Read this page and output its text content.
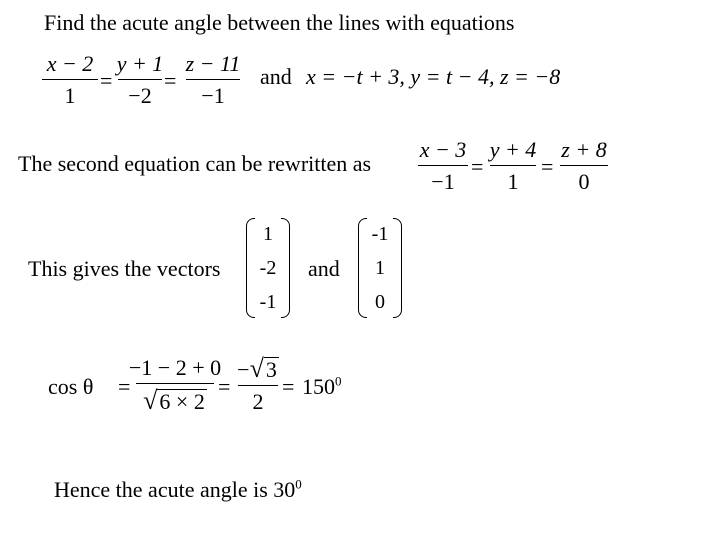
Find the acute angle between the lines with equations
x − 2
1
=
y + 1
−2
=
z − 11
−1
and x = −t + 3, y = t − 4, z = −8
The second equation can be rewritten as
x − 3
−1
=
y + 4
1
=
z + 8
0
This gives the vectors
1
-2
-1
and
-1
1
0
cos θ =
−1 − 2 + 0
√ 6 × 2
=
− √ 3
2
= $150^0$
Hence the acute angle is $30^0$
